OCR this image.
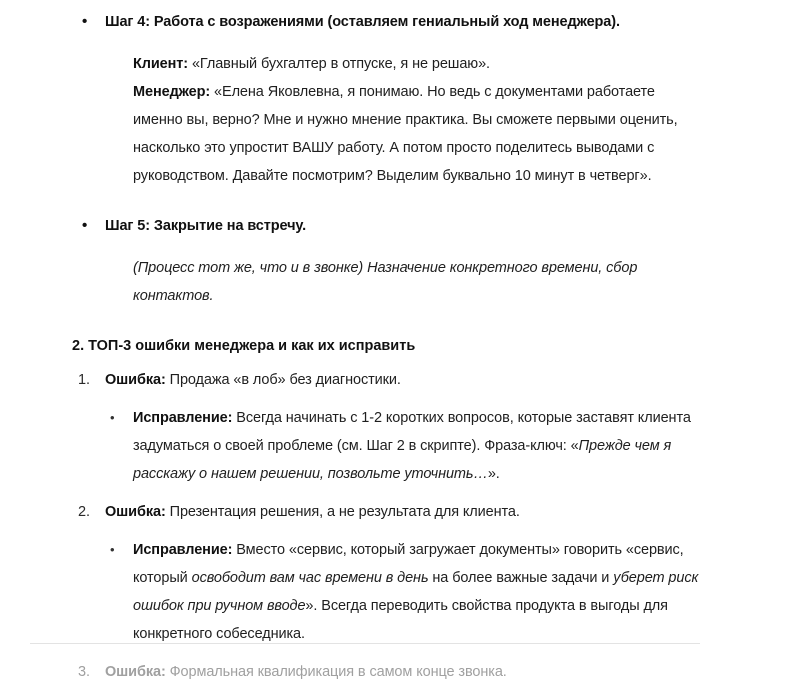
• Шаг 4: Работа с возражениями (оставляем гениальный ход менеджера).

Клиент: «Главный бухгалтер в отпуске, я не решаю».

Менеджер: «Елена Яковлевна, я понимаю. Но ведь с документами работаете именно вы, верно? Мне и нужно мнение практика. Вы сможете первыми оценить, насколько это упростит ВАШУ работу. А потом просто поделитесь выводами с руководством. Давайте посмотрим? Выделим буквально 10 минут в четверг».

• Шаг 5: Закрытие на встречу.

(Процесс тот же, что и в звонке) Назначение конкретного времени, сбор контактов.

2. ТОП-3 ошибки менеджера и как их исправить
1. Ошибка: Продажа «в лоб» без диагностики.
• Исправление: Всегда начинать с 1-2 коротких вопросов, которые заставят клиента задуматься о своей проблеме (см. Шаг 2 в скрипте). Фраза-ключ: «Прежде чем я расскажу о нашем решении, позвольте уточнить…».
2. Ошибка: Презентация решения, а не результата для клиента.
• Исправление: Вместо «сервис, который загружает документы» говорить «сервис, который освободит вам час времени в день на более важные задачи и уберет риск ошибок при ручном вводе». Всегда переводить свойства продукта в выгоды для конкретного собеседника.
3. Ошибка: Формальная квалификация в самом конце звонка.
